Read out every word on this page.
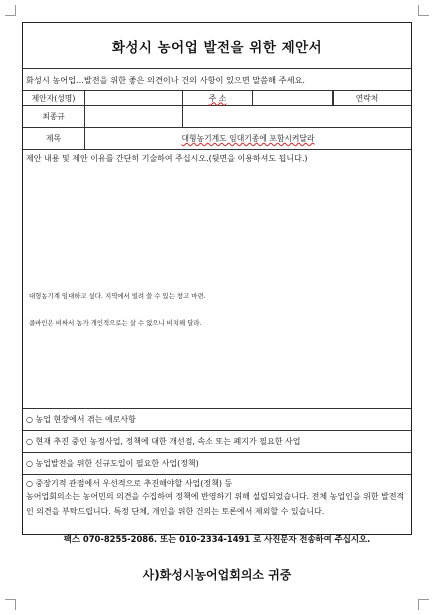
화성시 농어업 발전을 위한 제안서
화성시 농어업...발전을 위한 좋은 의견이나 건의 사항이 있으면 말씀해 주세요.
제안자(성명)	주 소	연락처
최종규
제목	대형농기계도 임대기종에 포함시켜달라
제안 내용 및 제안 이유를 간단히 기술하여 주십시오.(뒷면을 이용하셔도 됩니다.)
대형농기계 임대하고 싶다. 지역에서 빌려 쓸 수 있는 창고 마련.
콤바인은 비싸서 농가 개인적으로는 살 수 없으니 비치해 달라.
○ 농업 현장에서 겪는 애로사항
○ 현재 추진 중인 농정사업, 정책에 대한 개선점, 속소 또는 폐지가 필요한 사업
○ 농업발전을 위한 신규도입이 필요한 사업(정책)
○ 중장기적 관점에서 우선적으로 추진해야할 사업(정책) 등
농어업회의소는 농어민의 의견을 수집하여 정책에 반영하기 위해 설립되었습니다. 전체 농업인을 위한 발전적인 의견을 부탁드립니다. 특정 단체, 개인을 위한 건의는 토론에서 제외할 수 있습니다.
팩스 070-8255-2086. 또는 010-2334-1491 로 사진문자 전송하여 주십시오.
사)화성시농어업회의소 귀중
